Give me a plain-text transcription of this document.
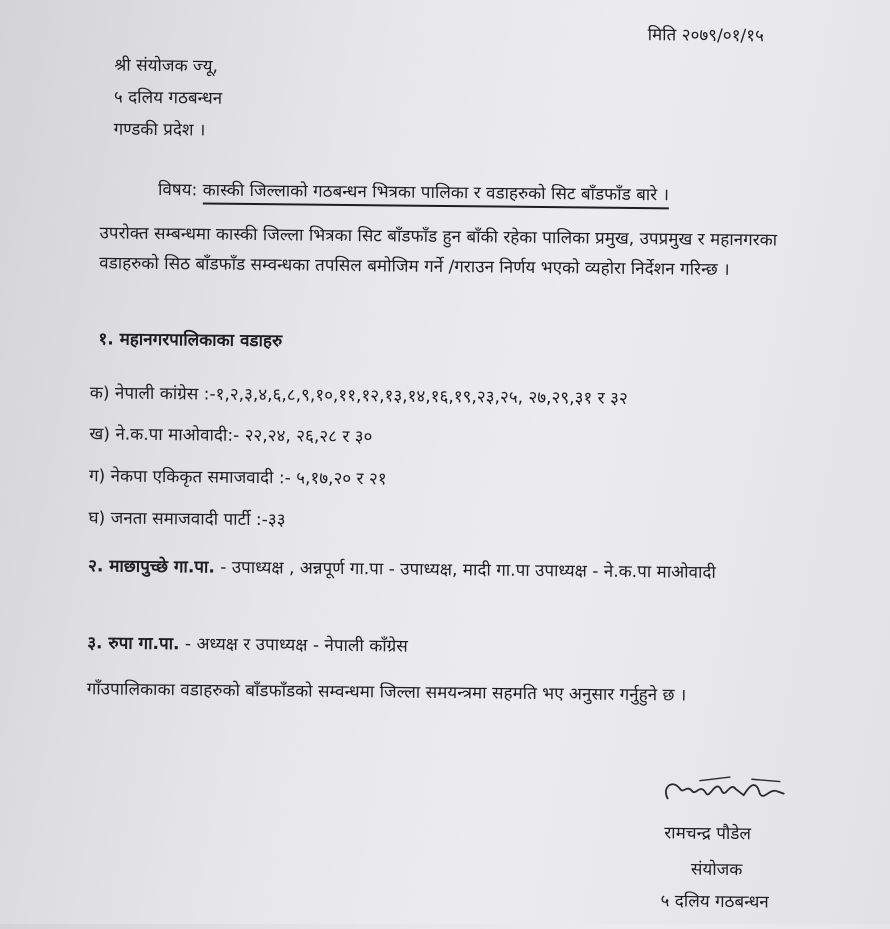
मिति २०७९/०१/१५
श्री संयोजक ज्यू,
५ दलिय गठबन्धन
गण्डकी प्रदेश ।
विषय: कास्की जिल्लाको गठबन्धन भित्रका पालिका र वडाहरुको सिट बाँडफाँड बारे ।
उपरोक्त सम्बन्धमा कास्की जिल्ला भित्रका सिट बाँडफाँड हुन बाँकी रहेका पालिका प्रमुख, उपप्रमुख र महानगरका वडाहरुको सिठ बाँडफाँड सम्वन्धका तपसिल बमोजिम गर्ने /गराउन निर्णय भएको व्यहोरा निर्देशन गरिन्छ ।
१. महानगरपालिकाका वडाहरु
क) नेपाली कांग्रेस :-१,२,३,४,६,८,९,१०,११,१२,१३,१४,१६,१९,२३,२५, २७,२९,३१ र ३२
ख) ने.क.पा माओवादी:- २२,२४, २६,२८ र ३०
ग) नेकपा एकिकृत समाजवादी :- ५,१७,२० र २१
घ) जनता समाजवादी पार्टी :-३३
२. माछापुच्छे गा.पा. - उपाध्यक्ष , अन्नपूर्ण गा.पा - उपाध्यक्ष, मादी गा.पा उपाध्यक्ष - ने.क.पा माओवादी
३. रुपा गा.पा. - अध्यक्ष र उपाध्यक्ष - नेपाली काँग्रेस
गाँउपालिकाका वडाहरुको बाँडफाँडको सम्वन्धमा जिल्ला समयन्त्रमा सहमति भए अनुसार गर्नुहुने छ ।
रामचन्द्र पौडेल
संयोजक
५ दलिय गठबन्धन
